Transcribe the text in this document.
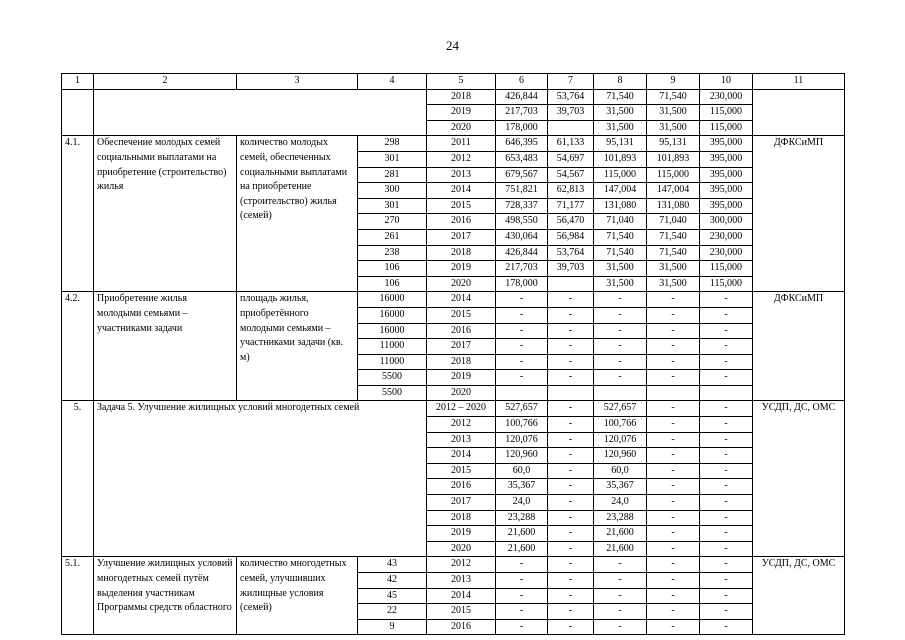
24
1	2	3	4	5	6	7	8	9	10	11
				2018	426,844	53,764	71,540	71,540	230,000	
				2019	217,703	39,703	31,500	31,500	115,000	
				2020	178,000		31,500	31,500	115,000	
4.1.	Обеспечение молодых семей социальными выплатами на приобретение (строительство) жилья	количество молодых семей, обеспеченных социальными выплатами на приобретение (строительство) жилья (семей)	298	2011	646,395	61,133	95,131	95,131	395,000	ДФКСиМП
			301	2012	653,483	54,697	101,893	101,893	395,000	
			281	2013	679,567	54,567	115,000	115,000	395,000	
			300	2014	751,821	62,813	147,004	147,004	395,000	
			301	2015	728,337	71,177	131,080	131,080	395,000	
			270	2016	498,550	56,470	71,040	71,040	300,000	
			261	2017	430,064	56,984	71,540	71,540	230,000	
			238	2018	426,844	53,764	71,540	71,540	230,000	
			106	2019	217,703	39,703	31,500	31,500	115,000	
			106	2020	178,000		31,500	31,500	115,000	
4.2.	Приобретение жилья молодыми семьями – участниками задачи	площадь жилья, приобретённого молодыми семьями – участниками задачи (кв. м)	16000	2014	-	-	-	-	-	ДФКСиМП
			16000	2015	-	-	-	-	-	
			16000	2016	-	-	-	-	-	
			11000	2017	-	-	-	-	-	
			11000	2018	-	-	-	-	-	
			5500	2019	-	-	-	-	-	
			5500	2020						
5.	Задача 5. Улучшение жилищных условий многодетных семей			2012 – 2020	527,657	-	527,657	-	-	УСДП, ДС, ОМС
				2012	100,766	-	100,766	-	-	
				2013	120,076	-	120,076	-	-	
				2014	120,960	-	120,960	-	-	
				2015	60,0	-	60,0	-	-	
				2016	35,367	-	35,367	-	-	
				2017	24,0	-	24,0	-	-	
				2018	23,288	-	23,288	-	-	
				2019	21,600	-	21,600	-	-	
				2020	21,600	-	21,600	-	-	
5.1.	Улучшение жилищных условий многодетных семей путём выделения участникам Программы средств областного	количество многодетных семей, улучшивших жилищные условия (семей)	43	2012	-	-	-	-	-	УСДП, ДС, ОМС
			42	2013	-	-	-	-	-	
			45	2014	-	-	-	-	-	
			22	2015	-	-	-	-	-	
			9	2016	-	-	-	-	-	
